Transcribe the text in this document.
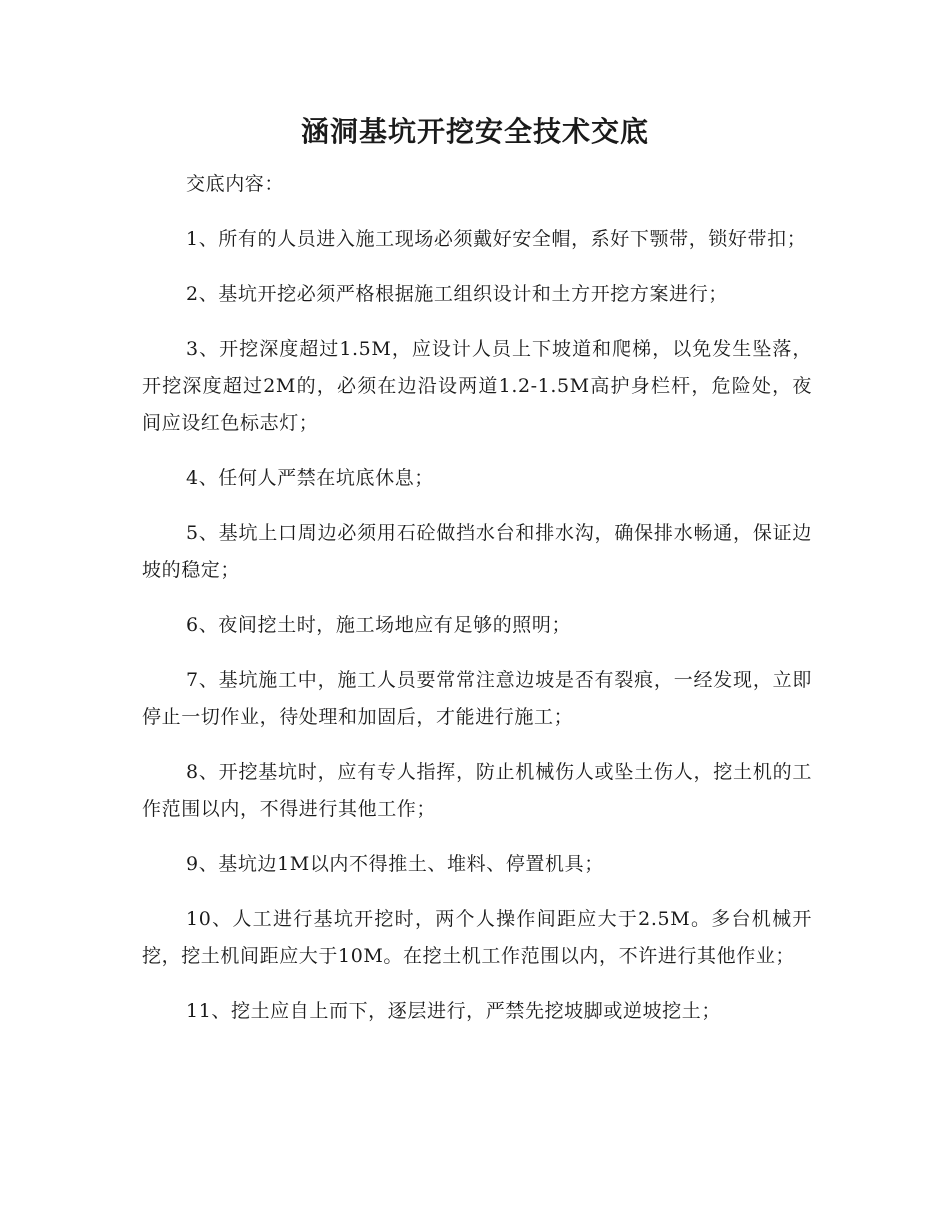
涵洞基坑开挖安全技术交底

交底内容：

1、所有的人员进入施工现场必须戴好安全帽，系好下颚带，锁好带扣；

2、基坑开挖必须严格根据施工组织设计和土方开挖方案进行；

3、开挖深度超过1.5M，应设计人员上下坡道和爬梯，以免发生坠落，开挖深度超过2M的，必须在边沿设两道1.2-1.5M高护身栏杆，危险处，夜间应设红色标志灯；

4、任何人严禁在坑底休息；

5、基坑上口周边必须用石砼做挡水台和排水沟，确保排水畅通，保证边坡的稳定；

6、夜间挖土时，施工场地应有足够的照明；

7、基坑施工中，施工人员要常常注意边坡是否有裂痕，一经发现，立即停止一切作业，待处理和加固后，才能进行施工；

8、开挖基坑时，应有专人指挥，防止机械伤人或坠土伤人，挖土机的工作范围以内，不得进行其他工作；

9、基坑边1M以内不得推土、堆料、停置机具；

10、人工进行基坑开挖时，两个人操作间距应大于2.5M。多台机械开挖，挖土机间距应大于10M。在挖土机工作范围以内，不许进行其他作业；

11、挖土应自上而下，逐层进行，严禁先挖坡脚或逆坡挖土；
